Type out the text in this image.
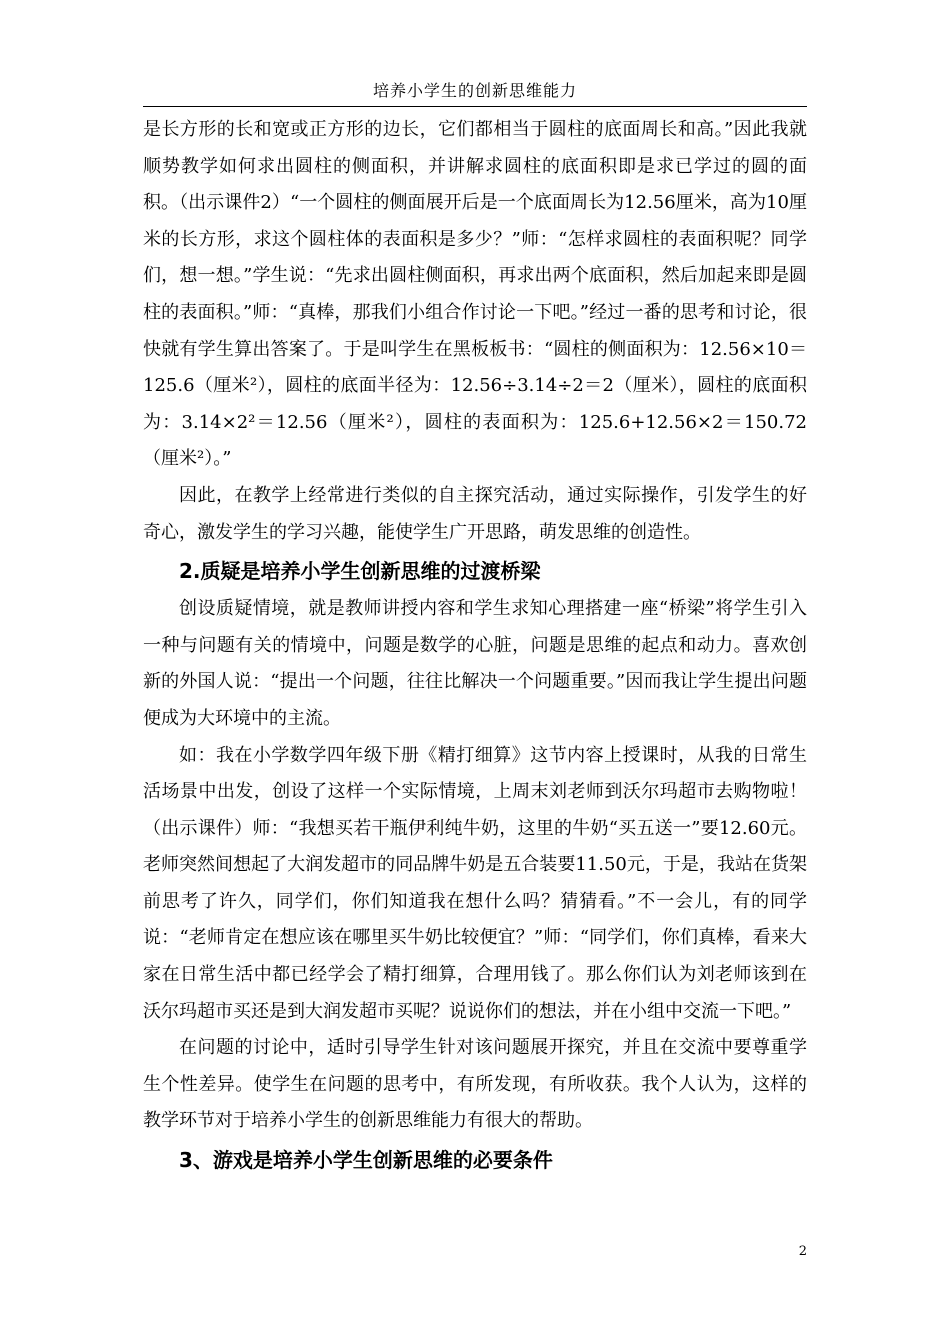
培养小学生的创新思维能力

是长方形的长和宽或正方形的边长，它们都相当于圆柱的底面周长和高。”因此我就顺势教学如何求出圆柱的侧面积，并讲解求圆柱的底面积即是求已学过的圆的面积。（出示课件2）“一个圆柱的侧面展开后是一个底面周长为12.56厘米，高为10厘米的长方形，求这个圆柱体的表面积是多少？”师：“怎样求圆柱的表面积呢？同学们，想一想。”学生说：“先求出圆柱侧面积，再求出两个底面积，然后加起来即是圆柱的表面积。”师：“真棒，那我们小组合作讨论一下吧。”经过一番的思考和讨论，很快就有学生算出答案了。于是叫学生在黑板板书：“圆柱的侧面积为：12.56×10＝125.6（厘米²），圆柱的底面半径为：12.56÷3.14÷2＝2（厘米），圆柱的底面积为：3.14×2²＝12.56（厘米²），圆柱的表面积为：125.6+12.56×2＝150.72（厘米²）。”

因此，在教学上经常进行类似的自主探究活动，通过实际操作，引发学生的好奇心，激发学生的学习兴趣，能使学生广开思路，萌发思维的创造性。

2.质疑是培养小学生创新思维的过渡桥梁

创设质疑情境，就是教师讲授内容和学生求知心理搭建一座“桥梁”将学生引入一种与问题有关的情境中，问题是数学的心脏，问题是思维的起点和动力。喜欢创新的外国人说：“提出一个问题，往往比解决一个问题重要。”因而我让学生提出问题便成为大环境中的主流。

如：我在小学数学四年级下册《精打细算》这节内容上授课时，从我的日常生活场景中出发，创设了这样一个实际情境，上周末刘老师到沃尔玛超市去购物啦！（出示课件）师：“我想买若干瓶伊利纯牛奶，这里的牛奶“买五送一”要12.60元。老师突然间想起了大润发超市的同品牌牛奶是五合装要11.50元，于是，我站在货架前思考了许久，同学们，你们知道我在想什么吗？猜猜看。”不一会儿，有的同学说：“老师肯定在想应该在哪里买牛奶比较便宜？”师：“同学们，你们真棒，看来大家在日常生活中都已经学会了精打细算，合理用钱了。那么你们认为刘老师该到在沃尔玛超市买还是到大润发超市买呢？说说你们的想法，并在小组中交流一下吧。”

在问题的讨论中，适时引导学生针对该问题展开探究，并且在交流中要尊重学生个性差异。使学生在问题的思考中，有所发现，有所收获。我个人认为，这样的教学环节对于培养小学生的创新思维能力有很大的帮助。

3、游戏是培养小学生创新思维的必要条件

2
